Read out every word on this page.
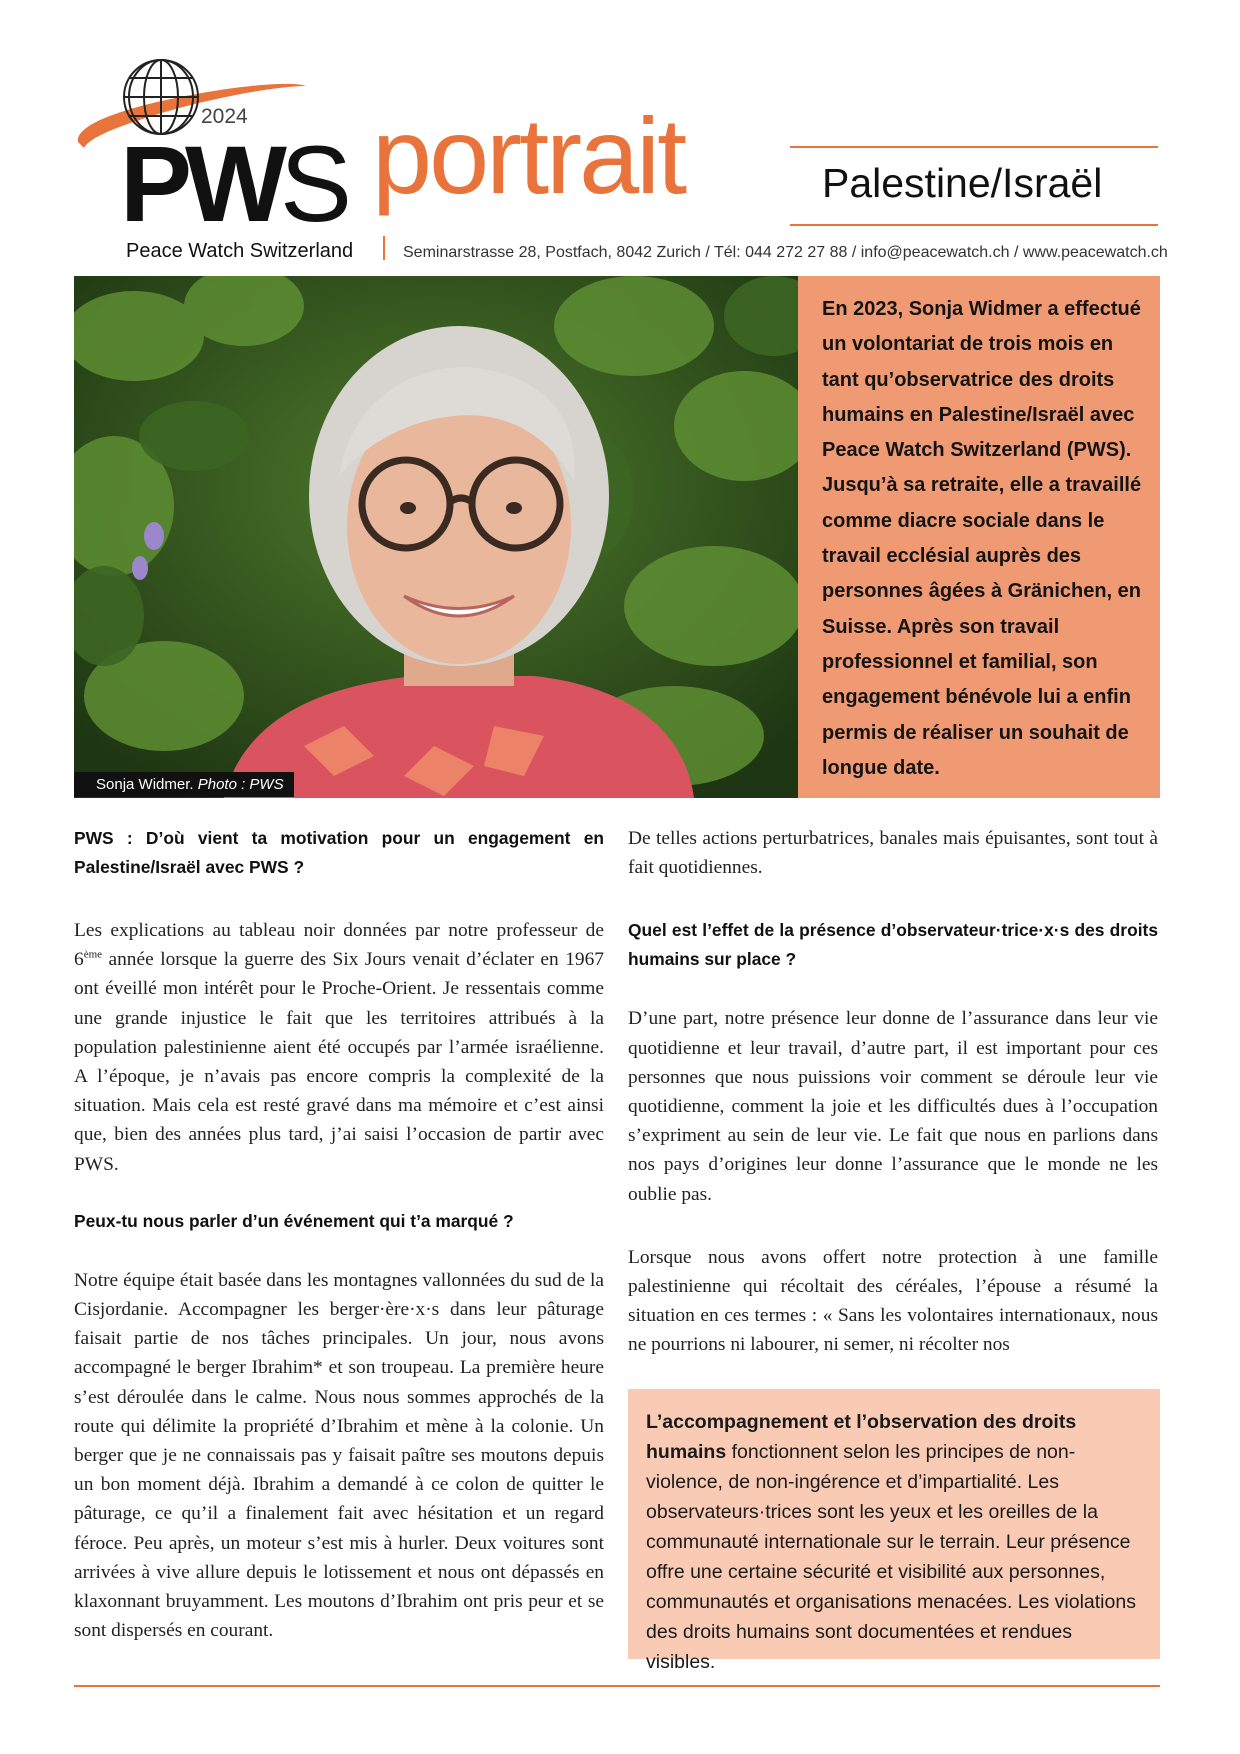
2024
PWS portrait	Palestine/Israël
Peace Watch Switzerland	Seminarstrasse 28, Postfach, 8042 Zurich / Tél: 044 272 27 88 / info@peacewatch.ch / www.peacewatch.ch
Sonja Widmer. Photo : PWS
En 2023, Sonja Widmer a effectué un volontariat de trois mois en tant qu’observatrice des droits humains en Palestine/Israël avec Peace Watch Switzerland (PWS). Jusqu’à sa retraite, elle a travaillé comme diacre sociale dans le travail ecclésial auprès des personnes âgées à Gränichen, en Suisse. Après son travail professionnel et familial, son engagement bénévole lui a enfin permis de réaliser un souhait de longue date.
PWS : D’où vient ta motivation pour un engagement en Palestine/Israël avec PWS ?

Les explications au tableau noir données par notre professeur de 6ème année lorsque la guerre des Six Jours venait d’éclater en 1967 ont éveillé mon intérêt pour le Proche-Orient. Je ressentais comme une grande injustice le fait que les territoires attribués à la population palestinienne aient été occupés par l’armée israélienne. A l’époque, je n’avais pas encore compris la complexité de la situation. Mais cela est resté gravé dans ma mémoire et c’est ainsi que, bien des années plus tard, j’ai saisi l’occasion de partir avec PWS.

Peux-tu nous parler d’un événement qui t’a marqué ?

Notre équipe était basée dans les montagnes vallonnées du sud de la Cisjordanie. Accompagner les berger·ère·x·s dans leur pâturage faisait partie de nos tâches principales. Un jour, nous avons accompagné le berger Ibrahim* et son troupeau. La première heure s’est déroulée dans le calme. Nous nous sommes approchés de la route qui délimite la propriété d’Ibrahim et mène à la colonie. Un berger que je ne connaissais pas y faisait paître ses moutons depuis un bon moment déjà. Ibrahim a demandé à ce colon de quitter le pâturage, ce qu’il a finalement fait avec hésitation et un regard féroce. Peu après, un moteur s’est mis à hurler. Deux voitures sont arrivées à vive allure depuis le lotissement et nous ont dépassés en klaxonnant bruyamment. Les moutons d’Ibrahim ont pris peur et se sont dispersés en courant.

De telles actions perturbatrices, banales mais épuisantes, sont tout à fait quotidiennes.

Quel est l’effet de la présence d’observateur·trice·x·s des droits humains sur place ?

D’une part, notre présence leur donne de l’assurance dans leur vie quotidienne et leur travail, d’autre part, il est important pour ces personnes que nous puissions voir comment se déroule leur vie quotidienne, comment la joie et les difficultés dues à l’occupation s’expriment au sein de leur vie. Le fait que nous en parlions dans nos pays d’origines leur donne l’assurance que le monde ne les oublie pas.

Lorsque nous avons offert notre protection à une famille palestinienne qui récoltait des céréales, l’épouse a résumé la situation en ces termes : « Sans les volontaires internationaux, nous ne pourrions ni labourer, ni semer, ni récolter nos

L’accompagnement et l’observation des droits humains fonctionnent selon les principes de non-violence, de non-ingérence et d’impartialité. Les observateurs·trices sont les yeux et les oreilles de la communauté internationale sur le terrain. Leur présence offre une certaine sécurité et visibilité aux personnes, communautés et organisations menacées. Les violations des droits humains sont documentées et rendues visibles.
